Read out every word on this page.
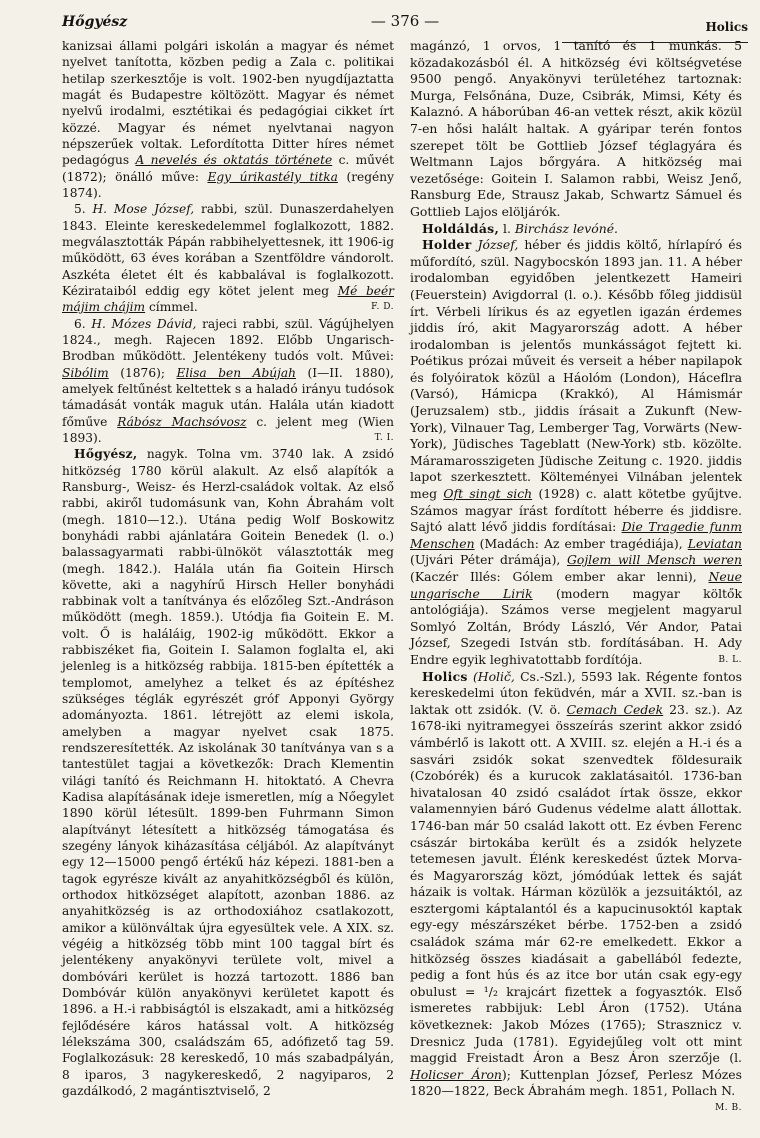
Hőgyész	— 376 —	Holics

kanizsai állami polgári iskolán a magyar és német nyelvet tanította, közben pedig a Zala c. politikai hetilap szerkesztője is volt. 1902-ben nyugdíjaztatta magát és Budapestre költözött. Magyar és német nyelvű irodalmi, esztétikai és pedagógiai cikket írt közzé. Magyar és német nyelvtanai nagyon népszerűek voltak. Lefordította Ditter híres német pedagógus A nevelés és oktatás története c. művét (1872); önálló műve: Egy úrikastély titka (regény 1874).

5. H. Mose József, rabbi, szül. Dunaszerdahelyen 1843. Eleinte kereskedelemmel foglalkozott, 1882. megválasztották Pápán rabbihelyettesnek, itt 1906-ig működött, 63 éves korában a Szentföldre vándorolt. Aszkéta életet élt és kabbalával is foglalkozott. Kézirataiból eddig egy kötet jelent meg Mé beér májim chájim címmel.	F. D.

6. H. Mózes Dávid, rajeci rabbi, szül. Vágújhelyen 1824., megh. Rajecen 1892. Előbb Ungarisch-Brodban működött. Jelentékeny tudós volt. Művei: Sibólim (1876); Elisa ben Abújah (I—II. 1880), amelyek feltűnést keltettek s a haladó irányu tudósok támadását vonták maguk után. Halála után kiadott főműve Rábósz Machsóvosz c. jelent meg (Wien 1893).	T. I.

Hőgyész, nagyk. Tolna vm. 3740 lak. A zsidó hitközség 1780 körül alakult. Az első alapítók a Ransburg-, Weisz- és Herzl-családok voltak. Az első rabbi, akiről tudomásunk van, Kohn Ábrahám volt (megh. 1810—12.). Utána pedig Wolf Boskowitz bonyhádi rabbi ajánlatára Goitein Benedek (l. o.) balassagyarmati rabbi-ülnököt választották meg (megh. 1842.). Halála után fia Goitein Hirsch követte, aki a nagyhírű Hirsch Heller bonyhádi rabbinak volt a tanítványa és előzőleg Szt.-Andráson működött (megh. 1859.). Utódja fia Goitein E. M. volt. Ő is haláláig, 1902-ig működött. Ekkor a rabbiszéket fia, Goitein I. Salamon foglalta el, aki jelenleg is a hitközség rabbija. 1815-ben építették a templomot, amelyhez a telket és az építéshez szükséges téglák egyrészét gróf Apponyi György adományozta. 1861. létrejött az elemi iskola, amelyben a magyar nyelvet csak 1875. rendszeresítették. Az iskolának 30 tanítványa van s a tantestület tagjai a következők: Drach Klementin világi tanító és Reichmann H. hitoktató. A Chevra Kadisa alapításának ideje ismeretlen, míg a Nőegylet 1890 körül létesült. 1899-ben Fuhrmann Simon alapítványt létesített a hitközség támogatása és szegény lányok kiházasítása céljából. Az alapítványt egy 12—15000 pengő értékű ház képezi. 1881-ben a tagok egyrésze kivált az anyahitközségből és külön, orthodox hitközséget alapított, azonban 1886. az anyahitközség is az orthodoxiához csatlakozott, amikor a különváltak újra egyesültek vele. A XIX. sz. végéig a hitközség több mint 100 taggal bírt és jelentékeny anyakönyvi területe volt, mivel a dombóvári kerület is hozzá tartozott. 1886 ban Dombóvár külön anyakönyvi kerületet kapott és 1896. a H.-i rabbiságtól is elszakadt, ami a hitközség fejlődésére káros hatással volt. A hitközség lélekszáma 300, családszám 65, adófizető tag 59. Foglalkozásuk: 28 kereskedő, 10 más szabadpályán, 8 iparos, 3 nagykereskedő, 2 nagyiparos, 2 gazdálkodó, 2 magántisztviselő, 2

magánzó, 1 orvos, 1 tanító és 1 munkás. 5 közadakozásból él. A hitközség évi költségvetése 9500 pengő. Anyakönyvi területéhez tartoznak: Murga, Felsőnána, Duze, Csibrák, Mimsi, Kéty és Kalaznó. A háborúban 46-an vettek részt, akik közül 7-en hősi halált haltak. A gyáripar terén fontos szerepet tölt be Gottlieb József téglagyára és Weltmann Lajos bőrgyára. A hitközség mai vezetősége: Goitein I. Salamon rabbi, Weisz Jenő, Ransburg Ede, Strausz Jakab, Schwartz Sámuel és Gottlieb Lajos elöljárók.

Holdáldás, l. Birchász levóné.

Holder József, héber és jiddis költő, hírlapíró és műfordító, szül. Nagybocskón 1893 jan. 11. A héber irodalomban egyidőben jelentkezett Hameiri (Feuerstein) Avigdorral (l. o.). Később főleg jiddisül írt. Vérbeli lírikus és az egyetlen igazán érdemes jiddis író, akit Magyarország adott. A héber irodalomban is jelentős munkásságot fejtett ki. Poétikus prózai műveit és verseit a héber napilapok és folyóiratok közül a Háolóm (London), Háceflra (Varsó), Hámicpa (Krakkó), Al Hámismár (Jeruzsalem) stb., jiddis írásait a Zukunft (New-York), Vilnauer Tag, Lemberger Tag, Vorwärts (New-York), Jüdisches Tageblatt (New-York) stb. közölte. Máramarosszigeten Jüdische Zeitung c. 1920. jiddis lapot szerkesztett. Költeményei Vilnában jelentek meg Oft singt sich (1928) c. alatt kötetbe gyűjtve. Számos magyar írást fordított héberre és jiddisre. Sajtó alatt lévő jiddis fordításai: Die Tragedie funm Menschen (Madách: Az ember tragédiája), Leviatan (Ujvári Péter drámája), Gojlem will Mensch weren (Kaczér Illés: Gólem ember akar lenni), Neue ungarische Lirik (modern magyar költők antológiája). Számos verse megjelent magyarul Somlyó Zoltán, Bródy László, Vér Andor, Patai József, Szegedi István stb. fordításában. H. Ady Endre egyik leghivatottabb fordítója.	B. L.

Holics (Holič, Cs.-Szl.), 5593 lak. Régente fontos kereskedelmi úton feküdvén, már a XVII. sz.-ban is laktak ott zsidók. (V. ö. Cemach Cedek 23. sz.). Az 1678-iki nyitramegyei összeírás szerint akkor zsidó vámbérlő is lakott ott. A XVIII. sz. elején a H.-i és a sasvári zsidók sokat szenvedtek földesuraik (Czobórék) és a kurucok zaklatásaitól. 1736-ban hivatalosan 40 zsidó családot írtak össze, ekkor valamennyien báró Gudenus védelme alatt állottak. 1746-ban már 50 család lakott ott. Ez évben Ferenc császár birtokába került és a zsidók helyzete tetemesen javult. Élénk kereskedést űztek Morva- és Magyarország közt, jómódúak lettek és saját házaik is voltak. Hárman közülök a jezsuitáktól, az esztergomi káptalantól és a kapucinusoktól kaptak egy-egy mészárszéket bérbe. 1752-ben a zsidó családok száma már 62-re emelkedett. Ekkor a hitközség összes kiadásait a gabellából fedezte, pedig a font hús és az itce bor után csak egy-egy obulust = ¹/₂ krajcárt fizettek a fogyasztók. Első ismeretes rabbijuk: Lebl Áron (1752). Utána következnek: Jakob Mózes (1765); Strasznicz v. Dresnicz Juda (1781). Egyidejűleg volt ott mint maggid Freistadt Áron a Besz Áron szerzője (l. Holicser Áron); Kuttenplan József, Perlesz Mózes 1820—1822, Beck Ábrahám megh. 1851, Pollach N.
M. B.
